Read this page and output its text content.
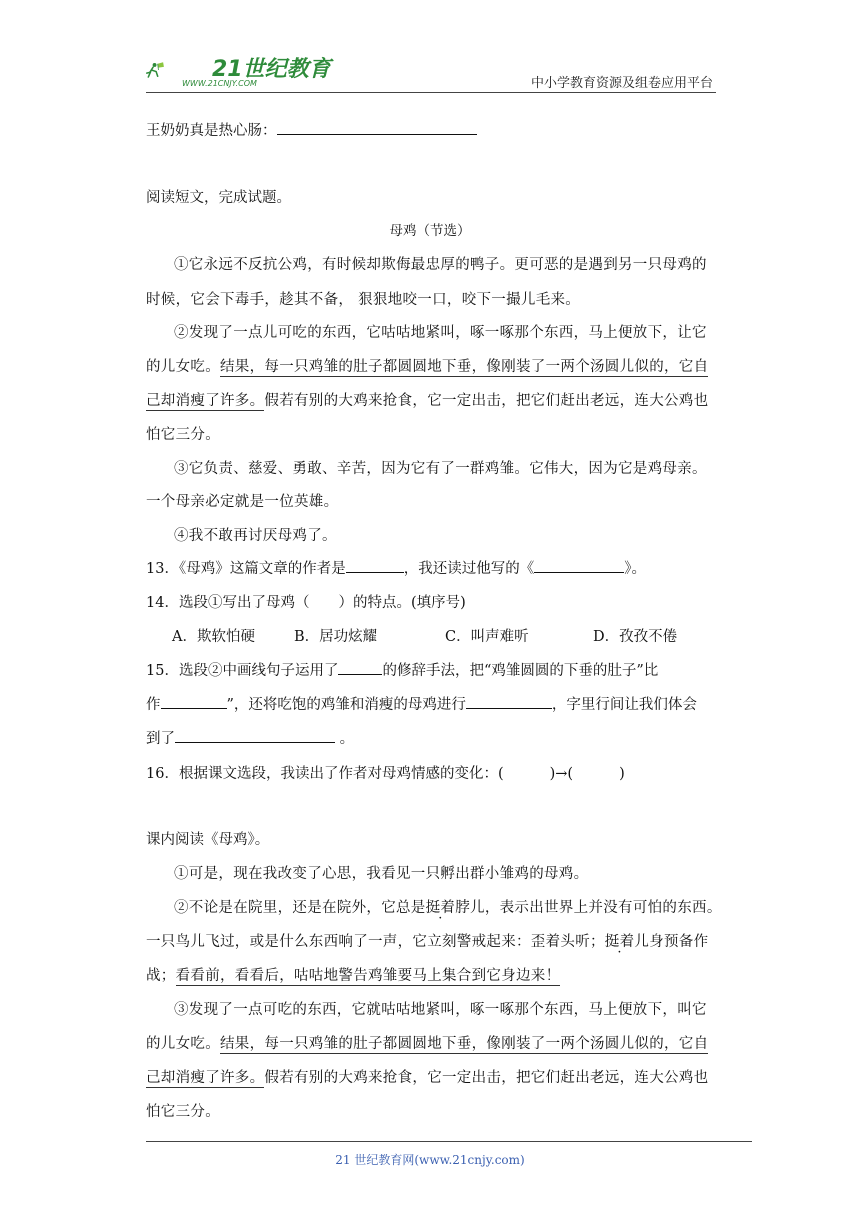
21世纪教育
WWW.21CNJY.COM	中小学教育资源及组卷应用平台
王奶奶真是热心肠：
阅读短文，完成试题。
母鸡（节选）
①它永远不反抗公鸡，有时候却欺侮最忠厚的鸭子。更可恶的是遇到另一只母鸡的
时候，它会下毒手，趁其不备， 狠狠地咬一口，咬下一撮儿毛来。
②发现了一点儿可吃的东西，它咕咕地紧叫，啄一啄那个东西，马上便放下，让它
的儿女吃。结果，每一只鸡雏的肚子都圆圆地下垂，像刚装了一两个汤圆儿似的，它自
己却消瘦了许多。假若有别的大鸡来抢食，它一定出击，把它们赶出老远，连大公鸡也
怕它三分。
③它负责、慈爱、勇敢、辛苦，因为它有了一群鸡雏。它伟大，因为它是鸡母亲。
一个母亲必定就是一位英雄。
④我不敢再讨厌母鸡了。
13．《母鸡》这篇文章的作者是	，我还读过他写的《	》。
14．选段①写出了母鸡（　　）的特点。(填序号)
A．欺软怕硬	B．居功炫耀	C．叫声难听	D．孜孜不倦
15．选段②中画线句子运用了	的修辞手法，把“鸡雏圆圆的下垂的肚子”比
作	”，还将吃饱的鸡雏和消瘦的母鸡进行	，字里行间让我们体会
到了	。
16．根据课文选段，我读出了作者对母鸡情感的变化：(	)→(	)
课内阅读《母鸡》。
①可是，现在我改变了心思，我看见一只孵出群小雏鸡的母鸡。
②不论是在院里，还是在院外，它总是挺着脖儿，表示出世界上并没有可怕的东西。
一只鸟儿飞过，或是什么东西响了一声，它立刻警戒起来：歪着头听；挺着儿身预备作
战；看看前，看看后，咕咕地警告鸡雏要马上集合到它身边来！
③发现了一点可吃的东西，它就咕咕地紧叫，啄一啄那个东西，马上便放下，叫它
的儿女吃。结果，每一只鸡雏的肚子都圆圆地下垂，像刚装了一两个汤圆儿似的，它自
己却消瘦了许多。假若有别的大鸡来抢食，它一定出击，把它们赶出老远，连大公鸡也
怕它三分。
21 世纪教育网(www.21cnjy.com)
